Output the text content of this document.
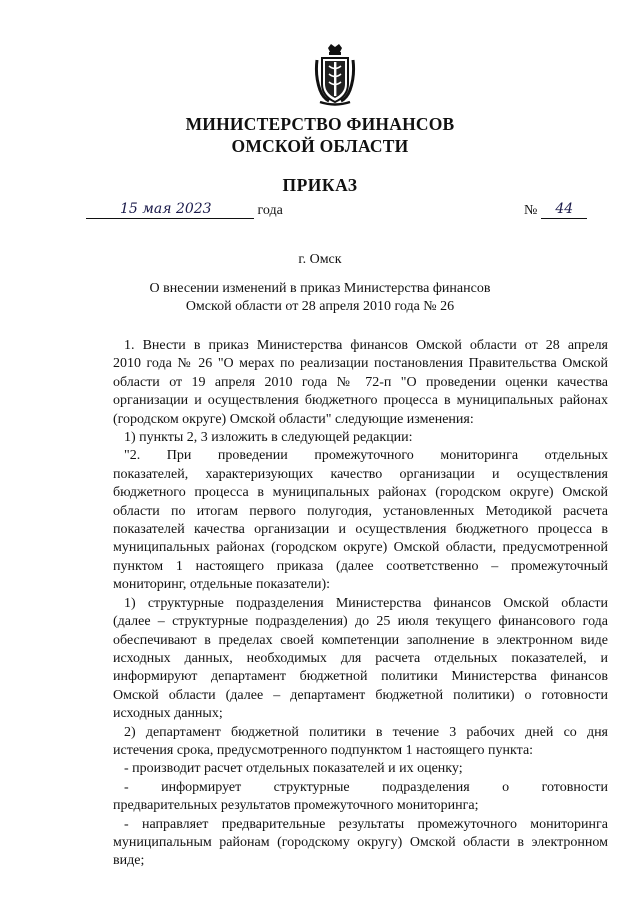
МИНИСТЕРСТВО ФИНАНСОВ
ОМСКОЙ ОБЛАСТИ
ПРИКАЗ
15 мая 2023	года	№ 44
г. Омск
О внесении изменений в приказ Министерства финансов
Омской области от 28 апреля 2010 года № 26

1. Внести в приказ Министерства финансов Омской области от 28 апреля

2010 года № 26 "О мерах по реализации постановления Правительства Омской

области от 19 апреля 2010 года № 72-п "О проведении оценки качества

организации и осуществления бюджетного процесса в муниципальных районах

(городском округе) Омской области" следующие изменения:

1) пункты 2, 3 изложить в следующей редакции:

"2. При проведении промежуточного мониторинга отдельных

показателей, характеризующих качество организации и осуществления

бюджетного процесса в муниципальных районах (городском округе) Омской

области по итогам первого полугодия, установленных Методикой расчета

показателей качества организации и осуществления бюджетного процесса в

муниципальных районах (городском округе) Омской области, предусмотренной

пунктом 1 настоящего приказа (далее соответственно – промежуточный

мониторинг, отдельные показатели):

1) структурные подразделения Министерства финансов Омской области

(далее – структурные подразделения) до 25 июля текущего финансового года

обеспечивают в пределах своей компетенции заполнение в электронном виде

исходных данных, необходимых для расчета отдельных показателей, и

информируют департамент бюджетной политики Министерства финансов

Омской области (далее – департамент бюджетной политики) о готовности

исходных данных;

2) департамент бюджетной политики в течение 3 рабочих дней со дня

истечения срока, предусмотренного подпунктом 1 настоящего пункта:

- производит расчет отдельных показателей и их оценку;

- информирует структурные подразделения о готовности

предварительных результатов промежуточного мониторинга;

- направляет предварительные результаты промежуточного мониторинга

муниципальным районам (городскому округу) Омской области в электронном

виде;
